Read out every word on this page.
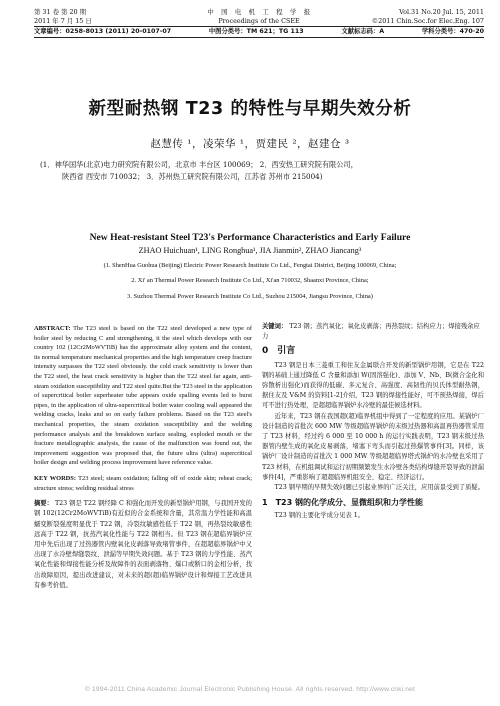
第 31 卷 第 20 期
2011 年 7 月 15 日
中　国　电　机　工　程　学　报
Proceedings of the CSEE
Vol.31 No.20 Jul. 15, 2011
©2011 Chin.Soc.for Elec.Eng. 107
文章编号：0258-8013 (2011) 20-0107-07	中图分类号：TM 621；TG 113	文献标志码：A	学科分类号：470·20
新型耐热钢 T23 的特性与早期失效分析
赵慧传 ¹，凌荣华 ¹，贾建民 ²，赵建仓 ³
(1．神华国华(北京)电力研究院有限公司，北京市 丰台区 100069； 2．西安热工研究院有限公司，
陕西省 西安市 710032； 3．苏州热工研究院有限公司，江苏省 苏州市 215004)
New Heat-resistant Steel T23's Performance Characteristics and Early Failure
ZHAO Huichuan¹, LING Ronghua¹, JIA Jianmin², ZHAO Jiancang³
(1. ShenHua Guohua (Beijing) Electric Power Research Institute Co Ltd., Fengtai District, Beijing 100069, China;
2. Xi' an Thermal Power Research Institute Co Ltd., Xi'an 710032, Shaanxi Province, China;
3. Suzhou Thermal Power Research Institute Co Ltd., Suzhou 215004, Jiangsu Province, China)
ABSTRACT: The T23 steel is based on the T22 steel developed a new type of boiler steel by reducing C and strengthening, it the steel which develops with our country 102 (12Cr2MoWVTiB) has the approximate alloy system and the content, its normal temperature mechanical properties and the high temperature creep fracture intensity surpasses the T22 steel obviously. the cold crack sensitivity is lower than the T22 steel, the heat crack sensitivity is higher than the T22 steel far again, anti-steam oxidation susceptibility and T22 steel quite.But the T23 steel in the application of supercritical boiler superheater tube appears oxide spalling events led to burst pipes, in the application of ultra-supercritical boiler water cooling wall appeared the welding cracks, leaks and so on early failure problems. Based on the T23 steel's mechanical properties, the steam oxidation susceptibility and the welding performance analysis and the breakdown surface sealing, exploded mouth or the fracture metallographic analysis, the cause of the malfunction was found out, the improvement suggestion was proposed that, the future ultra (ultra) supercritical boiler design and welding process improvement have reference value.
KEY WORDS: T23 steel; steam oxidation; falling off of oxide skin; reheat crack; structure stress; welding residual stress
摘要： T23 钢是 T22 钢经降 C 和强化而开发的新型锅炉用钢，与我国开发的钢 102(12Cr2MoWVTiB)有近似的合金系统和含量，其常温力学性能和高温蠕变断裂强度明显优于 T22 钢，冷裂纹敏感性低于 T22 钢，再热裂纹敏感性远高于 T22 钢，抗蒸汽氧化性能与 T22 钢相当。但 T23 钢在超临界锅炉应用中先后出现了过热器管内壁氧化皮剥落导致堵管事件，在超超临界锅炉中又出现了水冷壁焊缝裂纹、泄漏等早期失效问题。基于 T23 钢的力学性能、蒸汽氧化性能和焊接性能分析及故障件的表面剥落物、爆口或断口的金相分析，找出故障原因，提出改进建议，对未来的超(超)临界锅炉设计和焊接工艺改进具有参考价值。
关键词： T23 钢；蒸汽氧化；氧化皮剥落；再热裂纹；结构应力；焊接残余应力
0　引言

T23 钢是日本三菱重工和住友金属联合开发的新型锅炉用钢，它是在 T22 钢的基础上通过降低 C 含量和添加 W(固溶强化)、添加 V、Nb、B(微合金化和弥散析出强化)而获得的低碳、多元复合、高强度、高韧性的贝氏体型耐热钢，据住友及 V&M 的资料[1-2]介绍，T23 钢的焊接性能好，可不预热焊接，焊后可不进行热处理，是超超临界锅炉水冷壁的最佳候选材料。

近年来，T23 钢在我国超(超)临界机组中得到了一定程度的应用。某锅炉厂设计制造的首批次 600 MW 等级超临界锅炉的末级过热器和高温再热器管采用了 T23 材料，经过约 6 000 至 10 000 h 的运行实践表明，T23 钢末级过热器管内壁生成的氧化皮易剥落，堵塞下弯头而引起过热爆管事件[3]。同样，该锅炉厂设计制造的首批次 1 000 MW 等级超超临界塔式锅炉的水冷壁也采用了 T23 材料，在机组调试和运行初期频繁发生水冷壁各类结构焊缝开裂导致的泄漏事件[4]，严重影响了超超临界机组安全、稳定、经济运行。

T23 钢早期的早期失效问题已引起业界的广泛关注，应用前景受到了质疑。

1　T23 钢的化学成分、显微组织和力学性能

T23 钢的主要化学成分见表 1。

© 1994-2011 China Academic Journal Electronic Publishing House. All rights reserved. http://www.cnki.net
